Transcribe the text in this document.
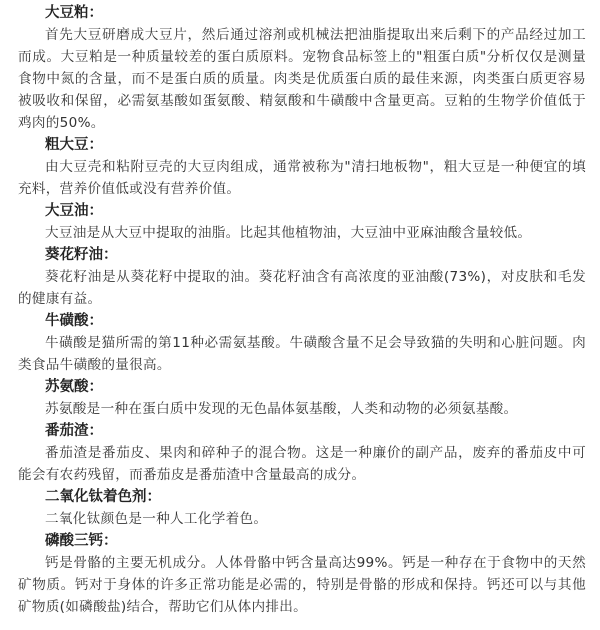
大豆粕：

首先大豆研磨成大豆片，然后通过溶剂或机械法把油脂提取出来后剩下的产品经过加工而成。大豆粕是一种质量较差的蛋白质原料。宠物食品标签上的"粗蛋白质"分析仅仅是测量食物中氮的含量，而不是蛋白质的质量。肉类是优质蛋白质的最佳来源，肉类蛋白质更容易被吸收和保留，必需氨基酸如蛋氨酸、精氨酸和牛磺酸中含量更高。豆粕的生物学价值低于鸡肉的50%。

粗大豆：

由大豆壳和粘附豆壳的大豆肉组成，通常被称为"清扫地板物"，粗大豆是一种便宜的填充料，营养价值低或没有营养价值。

大豆油：

大豆油是从大豆中提取的油脂。比起其他植物油，大豆油中亚麻油酸含量较低。

葵花籽油：

葵花籽油是从葵花籽中提取的油。葵花籽油含有高浓度的亚油酸(73%)，对皮肤和毛发的健康有益。

牛磺酸：

牛磺酸是猫所需的第11种必需氨基酸。牛磺酸含量不足会导致猫的失明和心脏问题。肉类食品牛磺酸的量很高。

苏氨酸：

苏氨酸是一种在蛋白质中发现的无色晶体氨基酸，人类和动物的必须氨基酸。

番茄渣：

番茄渣是番茄皮、果肉和碎种子的混合物。这是一种廉价的副产品，废弃的番茄皮中可能会有农药残留，而番茄皮是番茄渣中含量最高的成分。

二氧化钛着色剂：

二氧化钛颜色是一种人工化学着色。

磷酸三钙：

钙是骨骼的主要无机成分。人体骨骼中钙含量高达99%。钙是一种存在于食物中的天然矿物质。钙对于身体的许多正常功能是必需的，特别是骨骼的形成和保持。钙还可以与其他矿物质(如磷酸盐)结合，帮助它们从体内排出。
